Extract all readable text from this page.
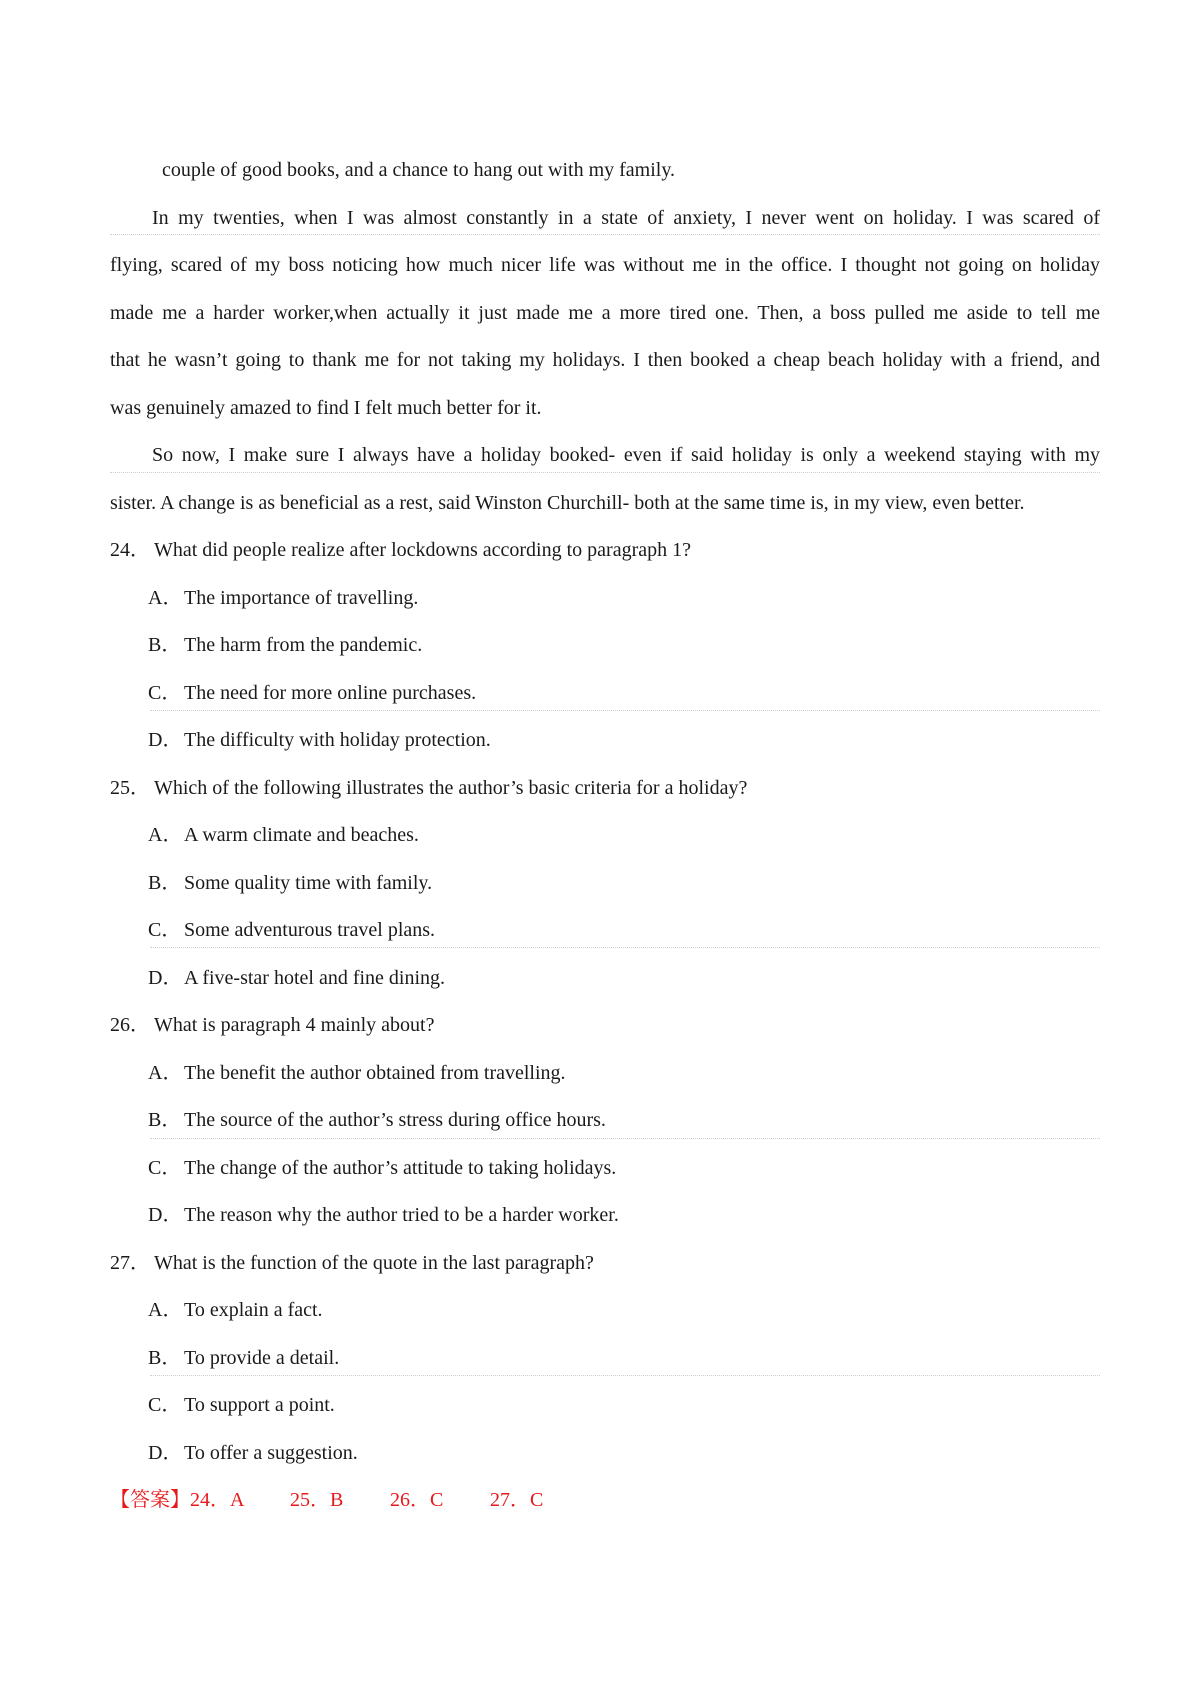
couple of good books, and a chance to hang out with my family.
In my twenties, when I was almost constantly in a state of anxiety, I never went on holiday. I was scared of
flying, scared of my boss noticing how much nicer life was without me in the office. I thought not going on holiday
made me a harder worker,when actually it just made me a more tired one. Then, a boss pulled me aside to tell me
that he wasn’t going to thank me for not taking my holidays. I then booked a cheap beach holiday with a friend, and
was genuinely amazed to find I felt much better for it.
So now, I make sure I always have a holiday booked- even if said holiday is only a weekend staying with my
sister. A change is as beneficial as a rest, said Winston Churchill- both at the same time is, in my view, even better.
24． What did people realize after lockdowns according to paragraph 1?
A．The importance of travelling.
B． The harm from the pandemic.
C． The need for more online purchases.
D．The difficulty with holiday protection.
25． Which of the following illustrates the author’s basic criteria for a holiday?
A．A warm climate and beaches.
B． Some quality time with family.
C． Some adventurous travel plans.
D．A five-star hotel and fine dining.
26． What is paragraph 4 mainly about?
A．The benefit the author obtained from travelling.
B． The source of the author’s stress during office hours.
C． The change of the author’s attitude to taking holidays.
D．The reason why the author tried to be a harder worker.
27． What is the function of the quote in the last paragraph?
A．To explain a fact.
B． To provide a detail.
C． To support a point.
D．To offer a suggestion.
【答案】24．A 25．B 26．C 27．C
